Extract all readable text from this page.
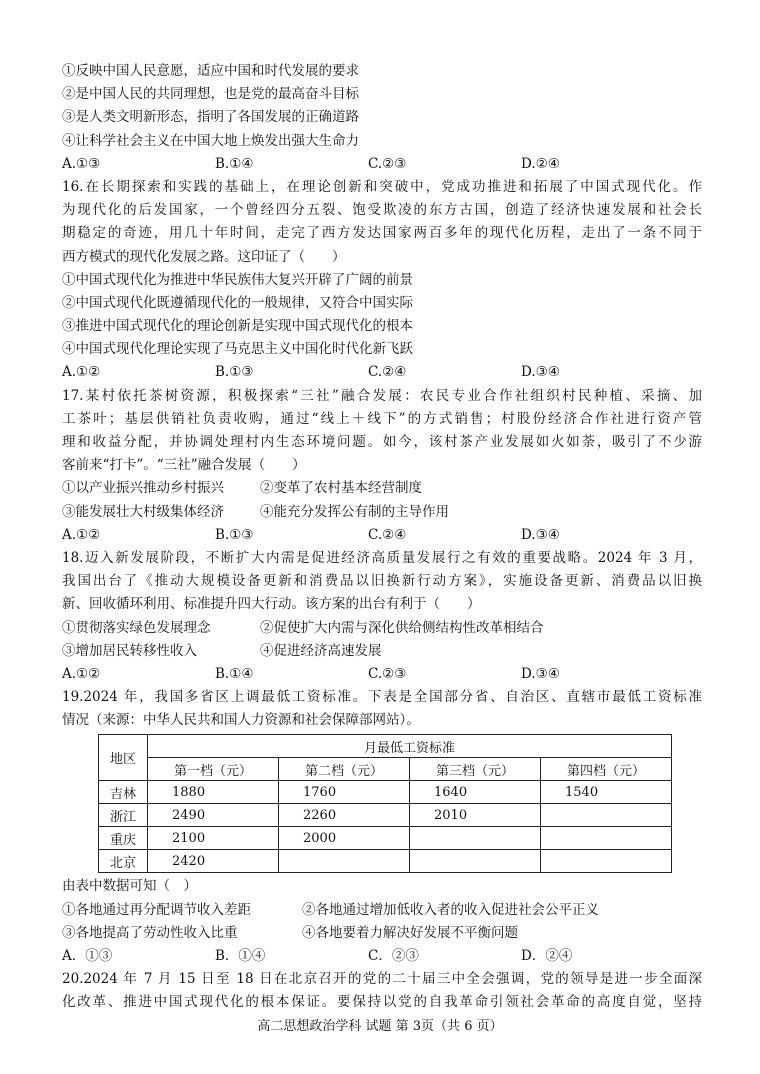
①反映中国人民意愿，适应中国和时代发展的要求
②是中国人民的共同理想，也是党的最高奋斗目标
③是人类文明新形态，指明了各国发展的正确道路
④让科学社会主义在中国大地上焕发出强大生命力
A.①③	B.①④	C.②③	D.②④
16.在长期探索和实践的基础上，在理论创新和突破中，党成功推进和拓展了中国式现代化。作
为现代化的后发国家，一个曾经四分五裂、饱受欺凌的东方古国，创造了经济快速发展和社会长
期稳定的奇迹，用几十年时间，走完了西方发达国家两百多年的现代化历程，走出了一条不同于
西方模式的现代化发展之路。这印证了（　　）
①中国式现代化为推进中华民族伟大复兴开辟了广阔的前景
②中国式现代化既遵循现代化的一般规律，又符合中国实际
③推进中国式现代化的理论创新是实现中国式现代化的根本
④中国式现代化理论实现了马克思主义中国化时代化新飞跃
A.①②	B.①③	C.②④	D.③④
17.某村依托茶树资源，积极探索“三社”融合发展：农民专业合作社组织村民种植、采摘、加
工茶叶；基层供销社负责收购，通过“线上＋线下”的方式销售；村股份经济合作社进行资产管
理和收益分配，并协调处理村内生态环境问题。如今，该村茶产业发展如火如荼，吸引了不少游
客前来“打卡”。“三社”融合发展（　　）
①以产业振兴推动乡村振兴	②变革了农村基本经营制度
③能发展壮大村级集体经济	④能充分发挥公有制的主导作用
A.①②	B.①③	C.②④	D.③④
18.迈入新发展阶段，不断扩大内需是促进经济高质量发展行之有效的重要战略。2024 年 3 月，
我国出台了《推动大规模设备更新和消费品以旧换新行动方案》，实施设备更新、消费品以旧换
新、回收循环利用、标准提升四大行动。该方案的出台有利于（　　）
①贯彻落实绿色发展理念	②促使扩大内需与深化供给侧结构性改革相结合
③增加居民转移性收入	④促进经济高速发展
A.①②	B.①④	C.②③	D.③④
19.2024 年，我国多省区上调最低工资标准。下表是全国部分省、自治区、直辖市最低工资标准
情况（来源：中华人民共和国人力资源和社会保障部网站）。
地区	月最低工资标准			
	第一档（元）	第二档（元）	第三档（元）	第四档（元）
吉林	1880	1760	1640	1540
浙江	2490	2260	2010	
重庆	2100	2000		
北京	2420			
由表中数据可知（　）
①各地通过再分配调节收入差距	②各地通过增加低收入者的收入促进社会公平正义
③各地提高了劳动性收入比重	④各地要着力解决好发展不平衡问题
A．①③	B．①④	C．②③	D．②④
20.2024 年 7 月 15 日至 18 日在北京召开的党的二十届三中全会强调，党的领导是进一步全面深
化改革、推进中国式现代化的根本保证。要保持以党的自我革命引领社会革命的高度自觉，坚持
高二思想政治学科 试题 第 3页（共 6 页）
